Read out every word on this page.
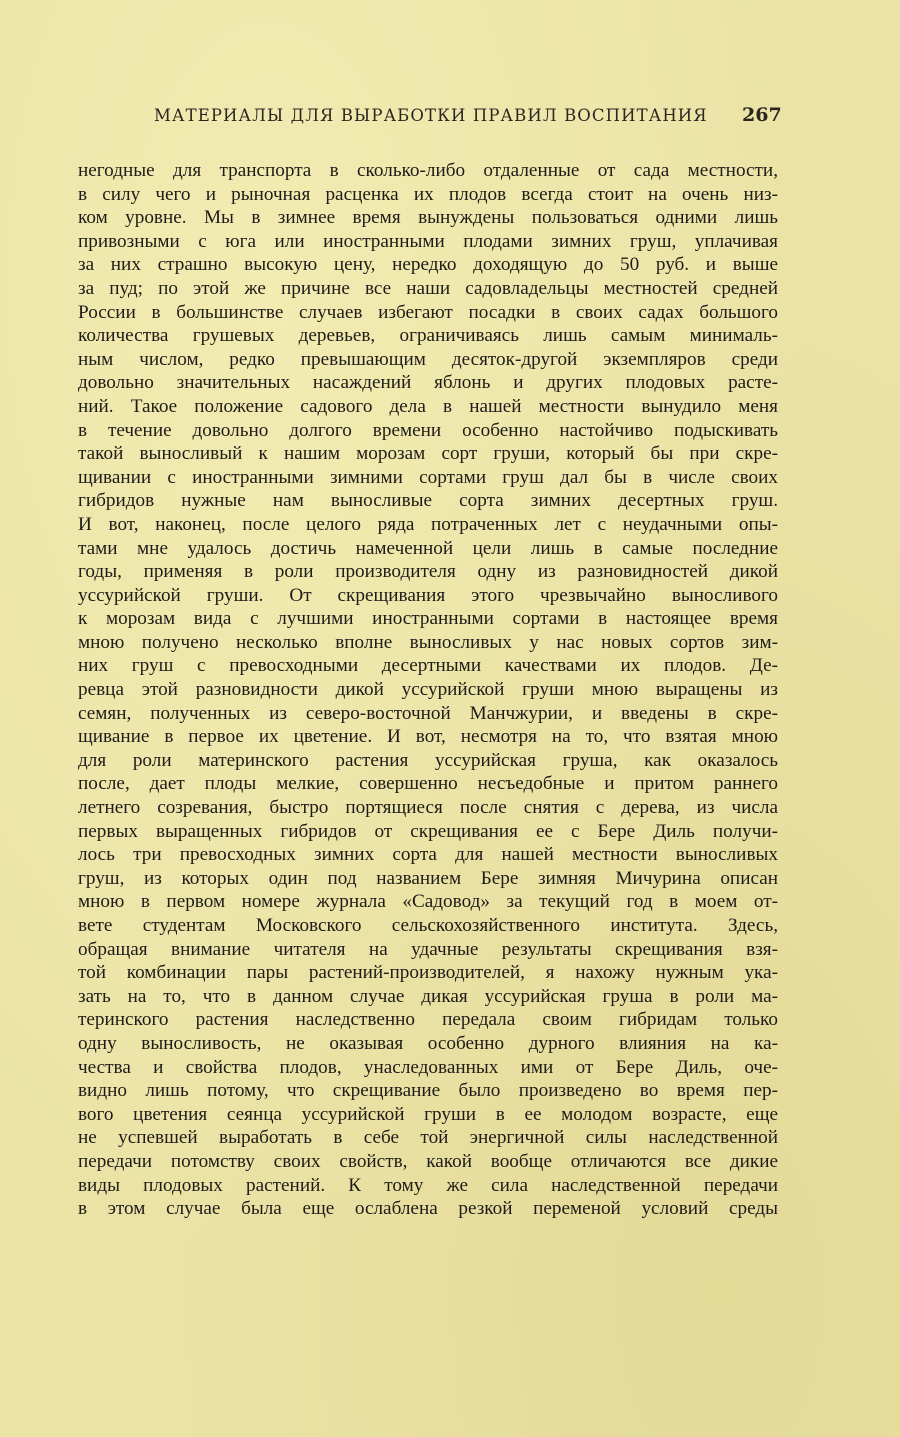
МАТЕРИАЛЫ ДЛЯ ВЫРАБОТКИ ПРАВИЛ ВОСПИТАНИЯ 267
негодные для транспорта в сколько-либо отдаленные от сада местности,
в силу чего и рыночная расценка их плодов всегда стоит на очень низ-
ком уровне. Мы в зимнее время вынуждены пользоваться одними лишь
привозными с юга или иностранными плодами зимних груш, уплачивая
за них страшно высокую цену, нередко доходящую до 50 руб. и выше
за пуд; по этой же причине все наши садовладельцы местностей средней
России в большинстве случаев избегают посадки в своих садах большого
количества грушевых деревьев, ограничиваясь лишь самым минималь-
ным числом, редко превышающим десяток-другой экземпляров среди
довольно значительных насаждений яблонь и других плодовых расте-
ний. Такое положение садового дела в нашей местности вынудило меня
в течение довольно долгого времени особенно настойчиво подыскивать
такой выносливый к нашим морозам сорт груши, который бы при скре-
щивании с иностранными зимними сортами груш дал бы в числе своих
гибридов нужные нам выносливые сорта зимних десертных груш.
И вот, наконец, после целого ряда потраченных лет с неудачными опы-
тами мне удалось достичь намеченной цели лишь в самые последние
годы, применяя в роли производителя одну из разновидностей дикой
уссурийской груши. От скрещивания этого чрезвычайно выносливого
к морозам вида с лучшими иностранными сортами в настоящее время
мною получено несколько вполне выносливых у нас новых сортов зим-
них груш с превосходными десертными качествами их плодов. Де-
ревца этой разновидности дикой уссурийской груши мною выращены из
семян, полученных из северо-восточной Манчжурии, и введены в скре-
щивание в первое их цветение. И вот, несмотря на то, что взятая мною
для роли материнского растения уссурийская груша, как оказалось
после, дает плоды мелкие, совершенно несъедобные и притом раннего
летнего созревания, быстро портящиеся после снятия с дерева, из числа
первых выращенных гибридов от скрещивания ее с Бере Диль получи-
лось три превосходных зимних сорта для нашей местности выносливых
груш, из которых один под названием Бере зимняя Мичурина описан
мною в первом номере журнала «Садовод» за текущий год в моем от-
вете студентам Московского сельскохозяйственного института. Здесь,
обращая внимание читателя на удачные результаты скрещивания взя-
той комбинации пары растений-производителей, я нахожу нужным ука-
зать на то, что в данном случае дикая уссурийская груша в роли ма-
теринского растения наследственно передала своим гибридам только
одну выносливость, не оказывая особенно дурного влияния на ка-
чества и свойства плодов, унаследованных ими от Бере Диль, оче-
видно лишь потому, что скрещивание было произведено во время пер-
вого цветения сеянца уссурийской груши в ее молодом возрасте, еще
не успевшей выработать в себе той энергичной силы наследственной
передачи потомству своих свойств, какой вообще отличаются все дикие
виды плодовых растений. К тому же сила наследственной передачи
в этом случае была еще ослаблена резкой переменой условий среды
